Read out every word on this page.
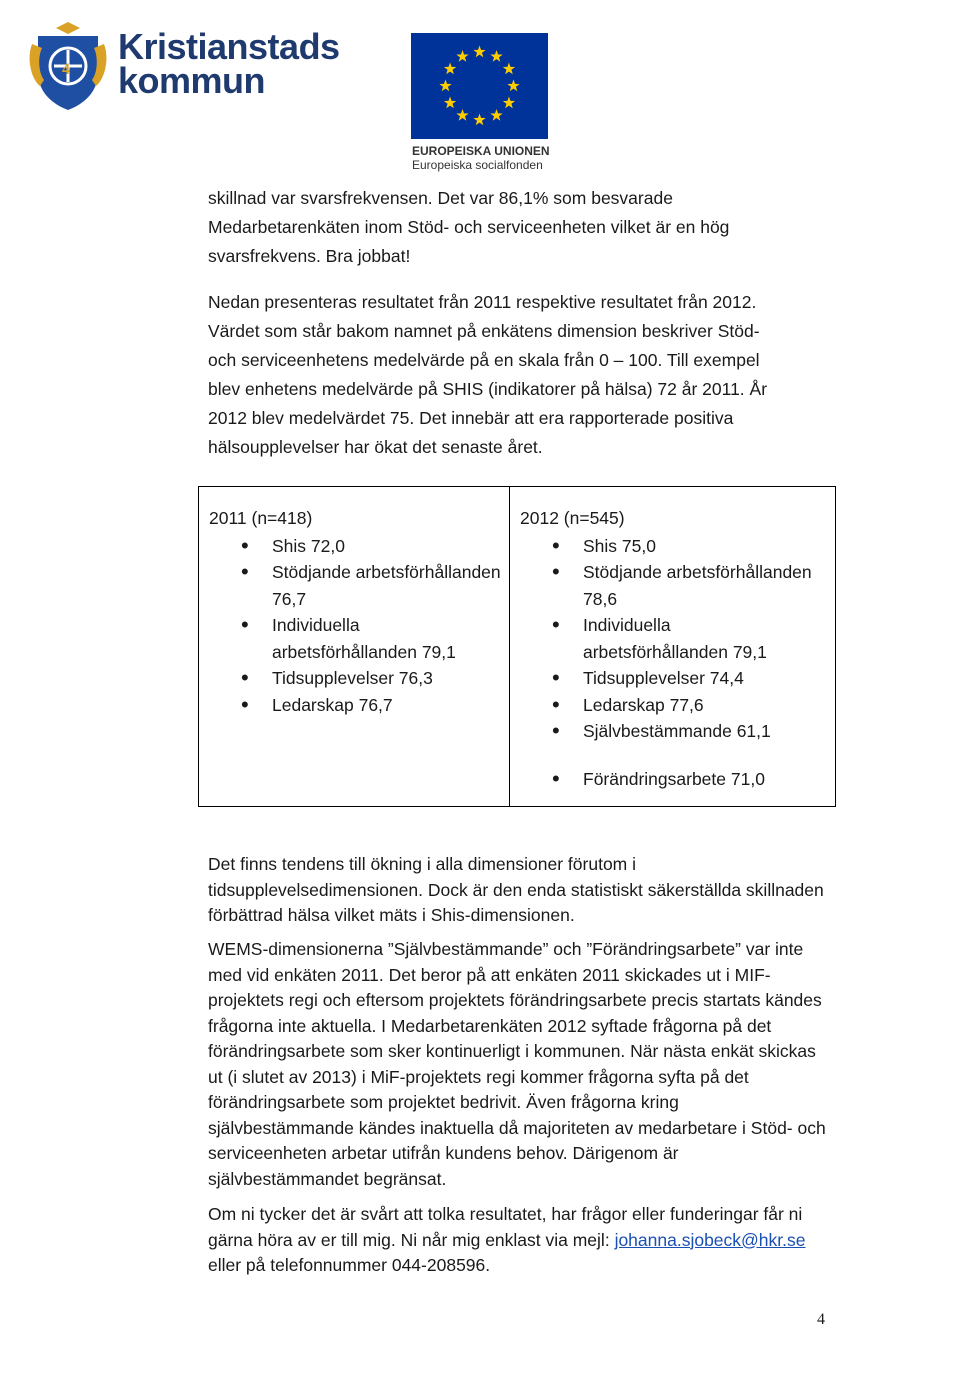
4
Kristianstads
kommun
EUROPEISKA UNIONEN
Europeiska socialfonden
skillnad var svarsfrekvensen. Det var 86,1% som besvarade
Medarbetarenkäten inom Stöd- och serviceenheten vilket är en hög
svarsfrekvens. Bra jobbat!
Nedan presenteras resultatet från 2011 respektive resultatet från 2012.
Värdet som står bakom namnet på enkätens dimension beskriver Stöd-
och serviceenhetens medelvärde på en skala från 0 – 100. Till exempel
blev enhetens medelvärde på SHIS (indikatorer på hälsa) 72 år 2011. År
2012 blev medelvärdet 75. Det innebär att era rapporterade positiva
hälsoupplevelser har ökat det senaste året.
2011 (n=418)
• Shis 72,0
• Stödjande arbetsförhållanden 76,7
• Individuella arbetsförhållanden 79,1
• Tidsupplevelser 76,3
• Ledarskap 76,7
2012 (n=545)
• Shis 75,0
• Stödjande arbetsförhållanden 78,6
• Individuella arbetsförhållanden 79,1
• Tidsupplevelser 74,4
• Ledarskap 77,6
• Självbestämmande 61,1
• Förändringsarbete 71,0

Det finns tendens till ökning i alla dimensioner förutom i tidsupplevelsedimensionen. Dock är den enda statistiskt säkerställda skillnaden förbättrad hälsa vilket mäts i Shis-dimensionen.

WEMS-dimensionerna ”Självbestämmande” och ”Förändringsarbete” var inte med vid enkäten 2011. Det beror på att enkäten 2011 skickades ut i MIF-projektets regi och eftersom projektets förändringsarbete precis startats kändes frågorna inte aktuella. I Medarbetarenkäten 2012 syftade frågorna på det förändringsarbete som sker kontinuerligt i kommunen. När nästa enkät skickas ut (i slutet av 2013) i MiF-projektets regi kommer frågorna syfta på det förändringsarbete som projektet bedrivit. Även frågorna kring självbestämmande kändes inaktuella då majoriteten av medarbetare i Stöd- och serviceenheten arbetar utifrån kundens behov. Därigenom är självbestämmandet begränsat.

Om ni tycker det är svårt att tolka resultatet, har frågor eller funderingar får ni gärna höra av er till mig. Ni når mig enklast via mejl: johanna.sjobeck@hkr.se eller på telefonnummer 044-208596.

4
